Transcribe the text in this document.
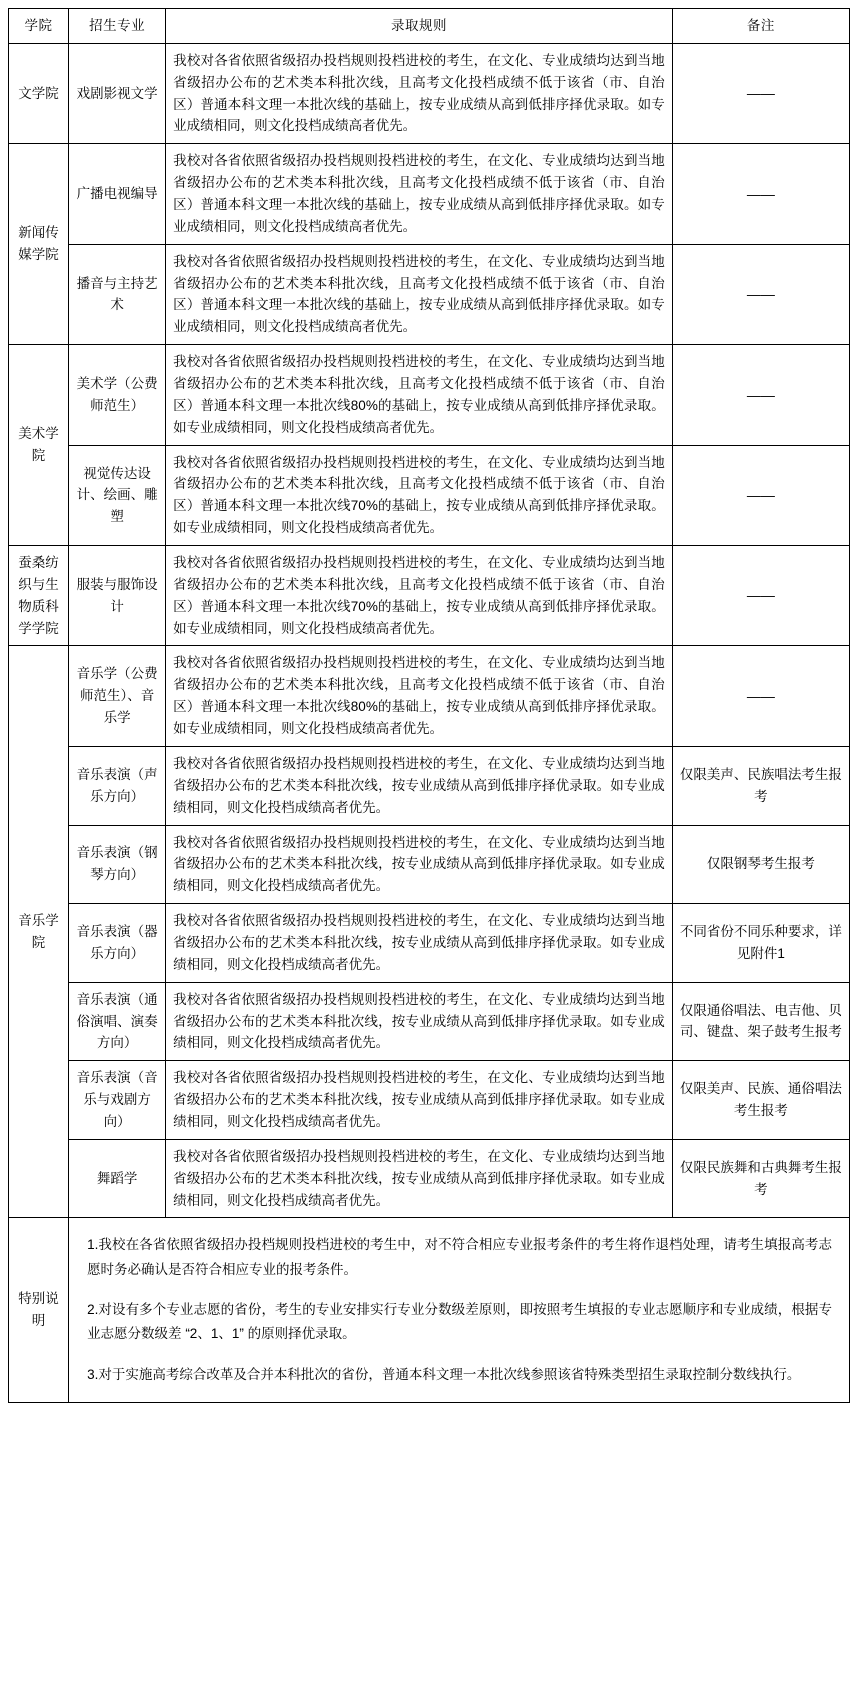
学院	招生专业	录取规则	备注
文学院	戏剧影视文学	我校对各省依照省级招办投档规则投档进校的考生，在文化、专业成绩均达到当地省级招办公布的艺术类本科批次线，且高考文化投档成绩不低于该省（市、自治区）普通本科文理一本批次线的基础上，按专业成绩从高到低排序择优录取。如专业成绩相同，则文化投档成绩高者优先。	——
新闻传媒学院	广播电视编导	我校对各省依照省级招办投档规则投档进校的考生，在文化、专业成绩均达到当地省级招办公布的艺术类本科批次线，且高考文化投档成绩不低于该省（市、自治区）普通本科文理一本批次线的基础上，按专业成绩从高到低排序择优录取。如专业成绩相同，则文化投档成绩高者优先。	——
	播音与主持艺术	我校对各省依照省级招办投档规则投档进校的考生，在文化、专业成绩均达到当地省级招办公布的艺术类本科批次线，且高考文化投档成绩不低于该省（市、自治区）普通本科文理一本批次线的基础上，按专业成绩从高到低排序择优录取。如专业成绩相同，则文化投档成绩高者优先。	——
美术学院	美术学（公费师范生）	我校对各省依照省级招办投档规则投档进校的考生，在文化、专业成绩均达到当地省级招办公布的艺术类本科批次线，且高考文化投档成绩不低于该省（市、自治区）普通本科文理一本批次线80%的基础上，按专业成绩从高到低排序择优录取。如专业成绩相同，则文化投档成绩高者优先。	——
	视觉传达设计、绘画、雕塑	我校对各省依照省级招办投档规则投档进校的考生，在文化、专业成绩均达到当地省级招办公布的艺术类本科批次线，且高考文化投档成绩不低于该省（市、自治区）普通本科文理一本批次线70%的基础上，按专业成绩从高到低排序择优录取。如专业成绩相同，则文化投档成绩高者优先。	——
蚕桑纺织与生物质科学学院	服装与服饰设计	我校对各省依照省级招办投档规则投档进校的考生，在文化、专业成绩均达到当地省级招办公布的艺术类本科批次线，且高考文化投档成绩不低于该省（市、自治区）普通本科文理一本批次线70%的基础上，按专业成绩从高到低排序择优录取。如专业成绩相同，则文化投档成绩高者优先。	——
音乐学院	音乐学（公费师范生）、音乐学	我校对各省依照省级招办投档规则投档进校的考生，在文化、专业成绩均达到当地省级招办公布的艺术类本科批次线，且高考文化投档成绩不低于该省（市、自治区）普通本科文理一本批次线80%的基础上，按专业成绩从高到低排序择优录取。如专业成绩相同，则文化投档成绩高者优先。	——
	音乐表演（声乐方向）	我校对各省依照省级招办投档规则投档进校的考生，在文化、专业成绩均达到当地省级招办公布的艺术类本科批次线，按专业成绩从高到低排序择优录取。如专业成绩相同，则文化投档成绩高者优先。	仅限美声、民族唱法考生报考
	音乐表演（钢琴方向）	我校对各省依照省级招办投档规则投档进校的考生，在文化、专业成绩均达到当地省级招办公布的艺术类本科批次线，按专业成绩从高到低排序择优录取。如专业成绩相同，则文化投档成绩高者优先。	仅限钢琴考生报考
	音乐表演（器乐方向）	我校对各省依照省级招办投档规则投档进校的考生，在文化、专业成绩均达到当地省级招办公布的艺术类本科批次线，按专业成绩从高到低排序择优录取。如专业成绩相同，则文化投档成绩高者优先。	不同省份不同乐种要求，详见附件1
	音乐表演（通俗演唱、演奏方向）	我校对各省依照省级招办投档规则投档进校的考生，在文化、专业成绩均达到当地省级招办公布的艺术类本科批次线，按专业成绩从高到低排序择优录取。如专业成绩相同，则文化投档成绩高者优先。	仅限通俗唱法、电吉他、贝司、键盘、架子鼓考生报考
	音乐表演（音乐与戏剧方向）	我校对各省依照省级招办投档规则投档进校的考生，在文化、专业成绩均达到当地省级招办公布的艺术类本科批次线，按专业成绩从高到低排序择优录取。如专业成绩相同，则文化投档成绩高者优先。	仅限美声、民族、通俗唱法考生报考
	舞蹈学	我校对各省依照省级招办投档规则投档进校的考生，在文化、专业成绩均达到当地省级招办公布的艺术类本科批次线，按专业成绩从高到低排序择优录取。如专业成绩相同，则文化投档成绩高者优先。	仅限民族舞和古典舞考生报考
特别说明	1.我校在各省依照省级招办投档规则投档进校的考生中，对不符合相应专业报考条件的考生将作退档处理，请考生填报高考志愿时务必确认是否符合相应专业的报考条件。
2.对设有多个专业志愿的省份，考生的专业安排实行专业分数级差原则，即按照考生填报的专业志愿顺序和专业成绩，根据专业志愿分数级差 “2、1、1” 的原则择优录取。
3.对于实施高考综合改革及合并本科批次的省份，普通本科文理一本批次线参照该省特殊类型招生录取控制分数线执行。		
